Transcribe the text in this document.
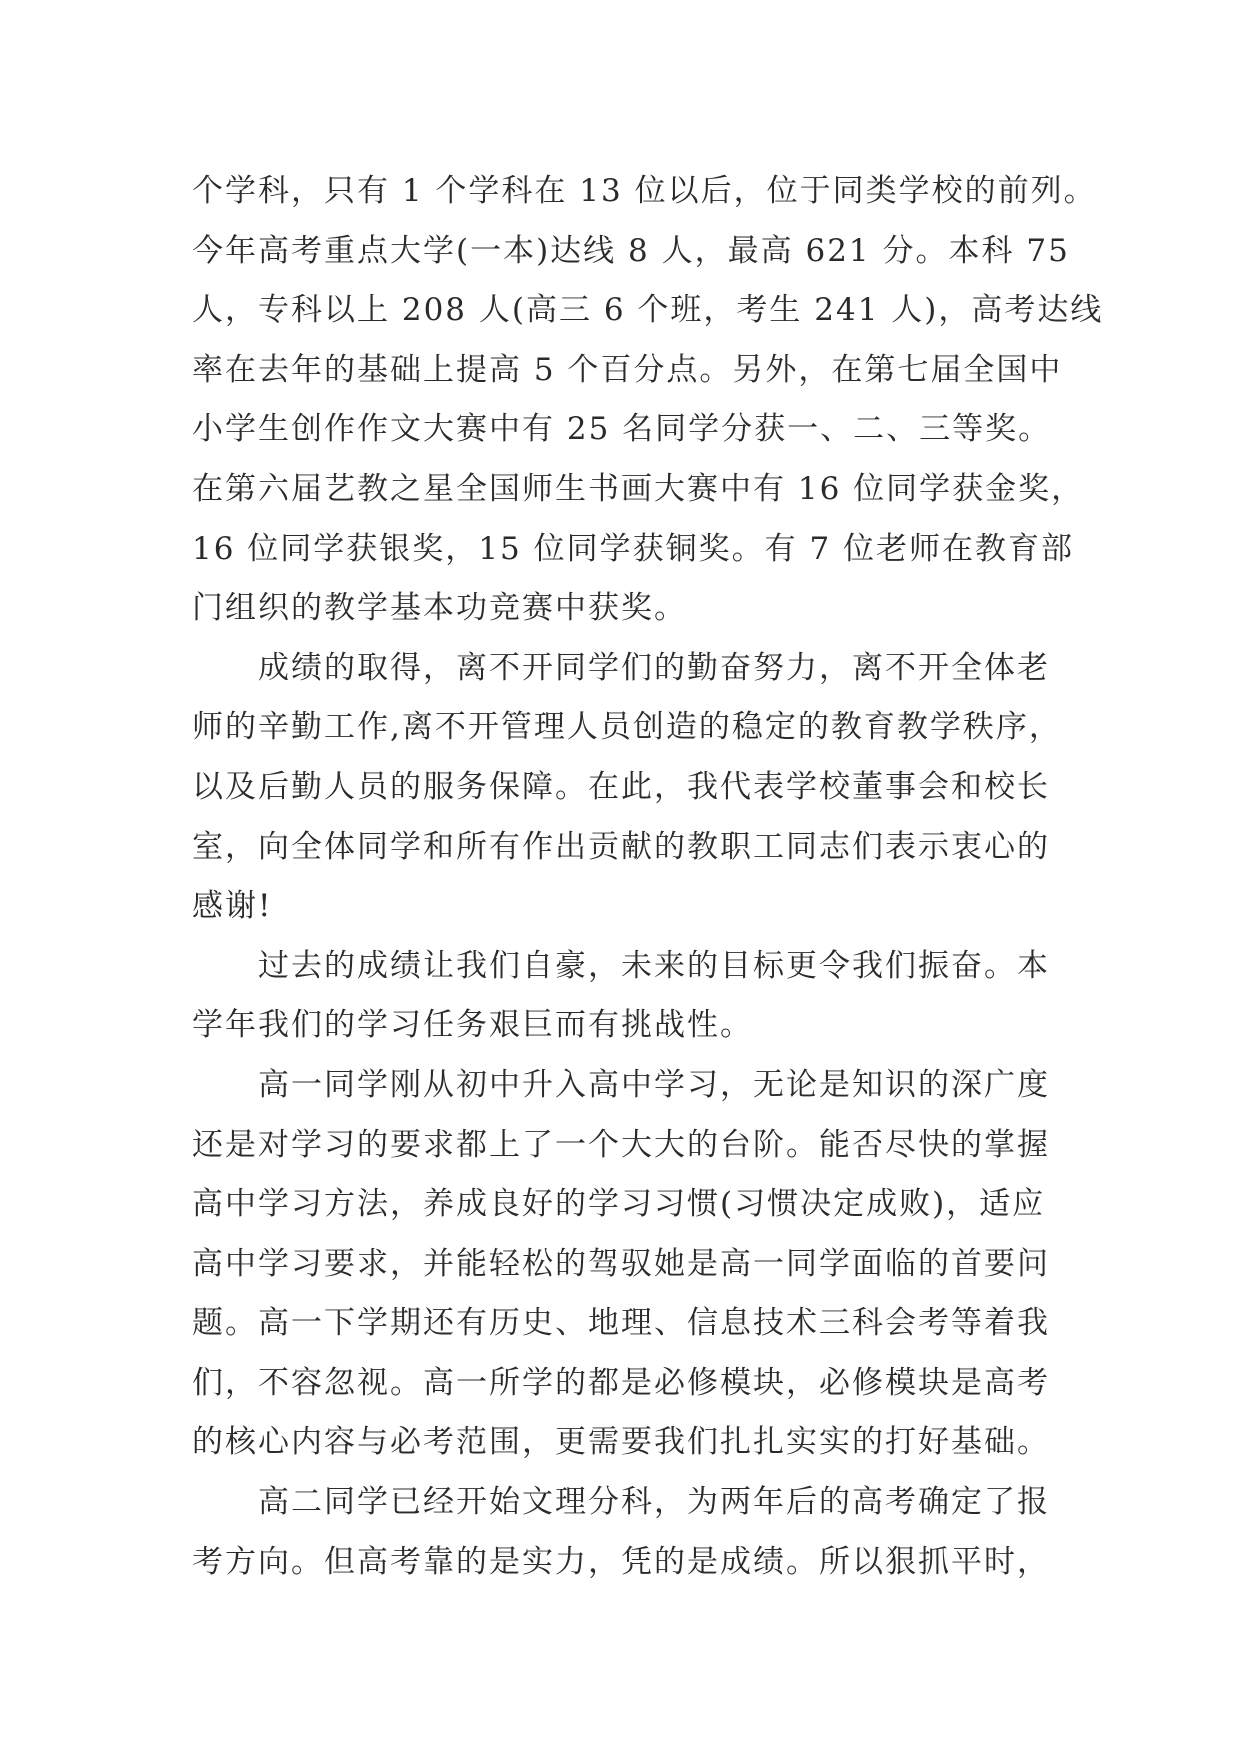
个学科，只有 1 个学科在 13 位以后，位于同类学校的前列。
今年高考重点大学(一本)达线 8 人，最高 621 分。本科 75
人，专科以上 208 人(高三 6 个班，考生 241 人)，高考达线
率在去年的基础上提高 5 个百分点。另外，在第七届全国中
小学生创作作文大赛中有 25 名同学分获一、二、三等奖。
在第六届艺教之星全国师生书画大赛中有 16 位同学获金奖，
16 位同学获银奖，15 位同学获铜奖。有 7 位老师在教育部
门组织的教学基本功竞赛中获奖。
成绩的取得，离不开同学们的勤奋努力，离不开全体老
师的辛勤工作,离不开管理人员创造的稳定的教育教学秩序，
以及后勤人员的服务保障。在此，我代表学校董事会和校长
室，向全体同学和所有作出贡献的教职工同志们表示衷心的
感谢!
过去的成绩让我们自豪，未来的目标更令我们振奋。本
学年我们的学习任务艰巨而有挑战性。
高一同学刚从初中升入高中学习，无论是知识的深广度
还是对学习的要求都上了一个大大的台阶。能否尽快的掌握
高中学习方法，养成良好的学习习惯(习惯决定成败)，适应
高中学习要求，并能轻松的驾驭她是高一同学面临的首要问
题。高一下学期还有历史、地理、信息技术三科会考等着我
们，不容忽视。高一所学的都是必修模块，必修模块是高考
的核心内容与必考范围，更需要我们扎扎实实的打好基础。
高二同学已经开始文理分科，为两年后的高考确定了报
考方向。但高考靠的是实力，凭的是成绩。所以狠抓平时，
